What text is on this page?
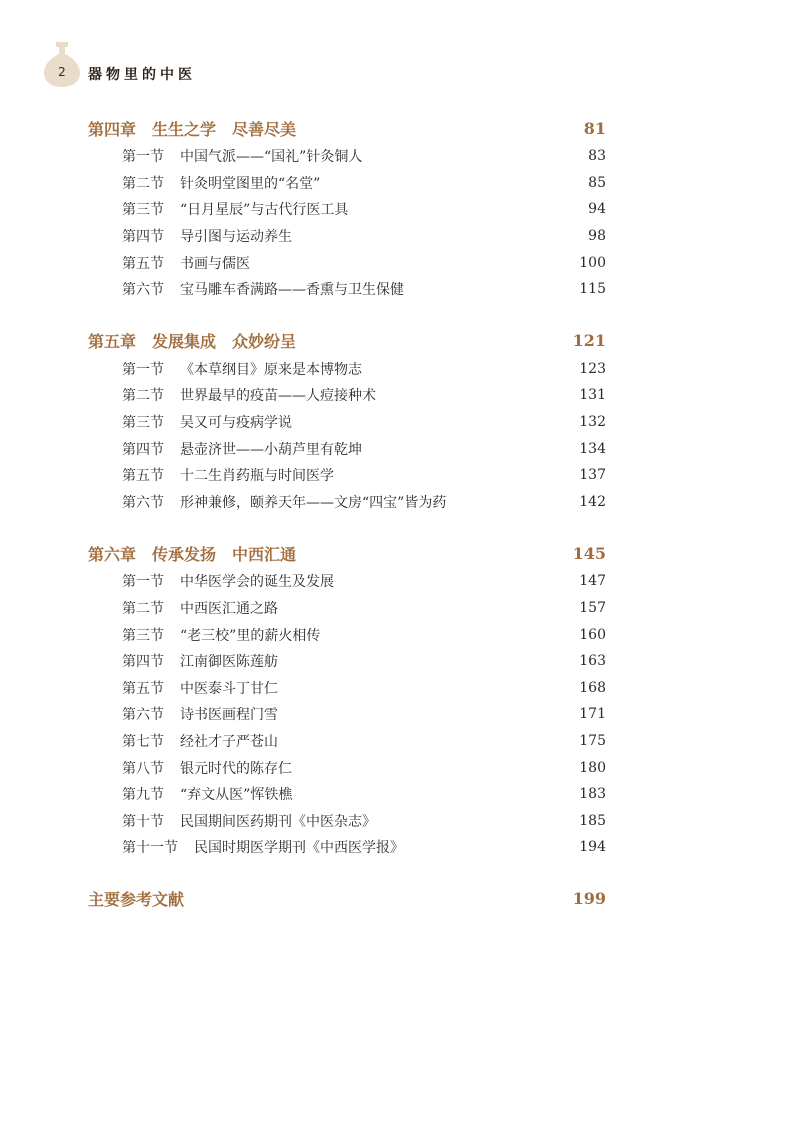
2 器物里的中医
第四章　生生之学　尽善尽美	81
第一节 中国气派——“国礼”针灸铜人	83
第二节 针灸明堂图里的“名堂”	85
第三节 “日月星辰”与古代行医工具	94
第四节 导引图与运动养生	98
第五节 书画与儒医	100
第六节 宝马雕车香满路——香熏与卫生保健	115
第五章　发展集成　众妙纷呈	121
第一节 《本草纲目》原来是本博物志	123
第二节 世界最早的疫苗——人痘接种术	131
第三节 吴又可与疫病学说	132
第四节 悬壶济世——小葫芦里有乾坤	134
第五节 十二生肖药瓶与时间医学	137
第六节 形神兼修，颐养天年——文房“四宝”皆为药	142
第六章　传承发扬　中西汇通	145
第一节 中华医学会的诞生及发展	147
第二节 中西医汇通之路	157
第三节 “老三校”里的薪火相传	160
第四节 江南御医陈莲舫	163
第五节 中医泰斗丁甘仁	168
第六节 诗书医画程门雪	171
第七节 经社才子严苍山	175
第八节 银元时代的陈存仁	180
第九节 “弃文从医”恽铁樵	183
第十节 民国期间医药期刊《中医杂志》	185
第十一节 民国时期医学期刊《中西医学报》	194
主要参考文献	199
